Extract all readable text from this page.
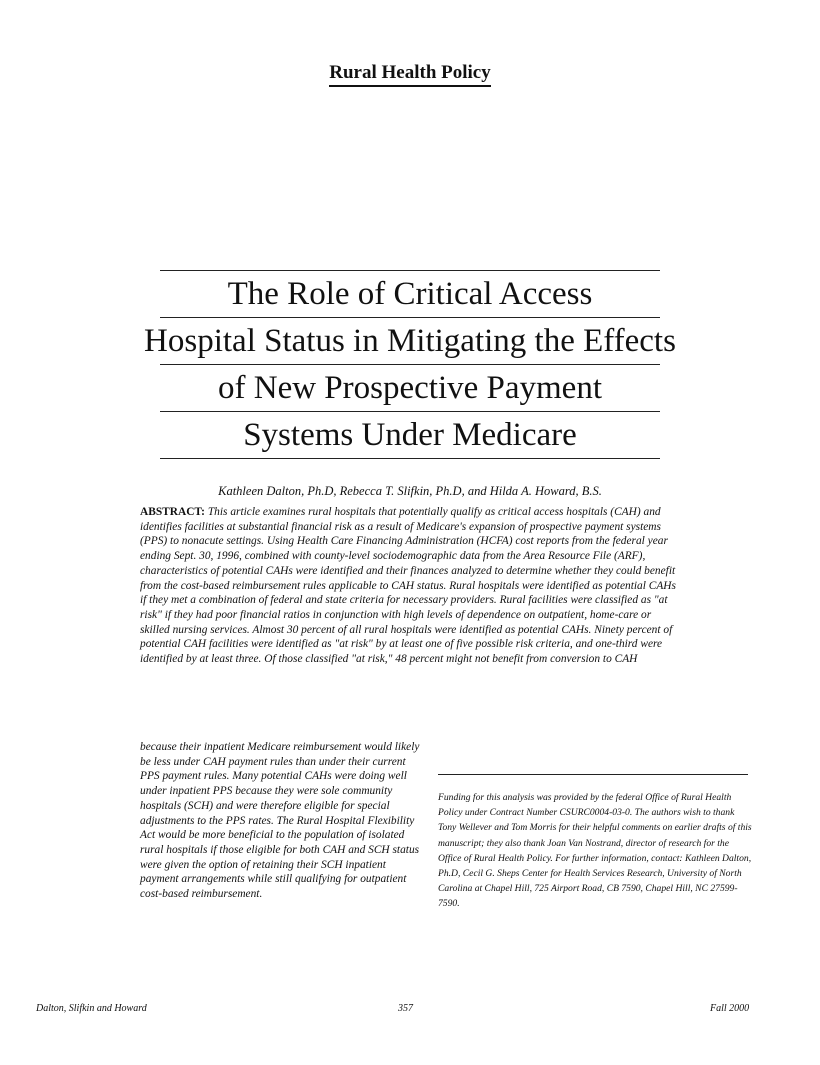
Rural Health Policy
The Role of Critical Access
Hospital Status in Mitigating the Effects
of New Prospective Payment
Systems Under Medicare
Kathleen Dalton, Ph.D, Rebecca T. Slifkin, Ph.D, and Hilda A. Howard, B.S.
ABSTRACT: This article examines rural hospitals that potentially qualify as critical access hospitals (CAH) and identifies facilities at substantial financial risk as a result of Medicare's expansion of prospective payment systems (PPS) to nonacute settings. Using Health Care Financing Administration (HCFA) cost reports from the federal year ending Sept. 30, 1996, combined with county-level sociodemographic data from the Area Resource File (ARF), characteristics of potential CAHs were identified and their finances analyzed to determine whether they could benefit from the cost-based reimbursement rules applicable to CAH status. Rural hospitals were identified as potential CAHs if they met a combination of federal and state criteria for necessary providers. Rural facilities were classified as "at risk" if they had poor financial ratios in conjunction with high levels of dependence on outpatient, home-care or skilled nursing services. Almost 30 percent of all rural hospitals were identified as potential CAHs. Ninety percent of potential CAH facilities were identified as "at risk" by at least one of five possible risk criteria, and one-third were identified by at least three. Of those classified "at risk," 48 percent might not benefit from conversion to CAH
because their inpatient Medicare reimbursement would likely be less under CAH payment rules than under their current PPS payment rules. Many potential CAHs were doing well under inpatient PPS because they were sole community hospitals (SCH) and were therefore eligible for special adjustments to the PPS rates. The Rural Hospital Flexibility Act would be more beneficial to the population of isolated rural hospitals if those eligible for both CAH and SCH status were given the option of retaining their SCH inpatient payment arrangements while still qualifying for outpatient cost-based reimbursement.
Funding for this analysis was provided by the federal Office of Rural Health Policy under Contract Number CSURC0004-03-0. The authors wish to thank Tony Wellever and Tom Morris for their helpful comments on earlier drafts of this manuscript; they also thank Joan Van Nostrand, director of research for the Office of Rural Health Policy. For further information, contact: Kathleen Dalton, Ph.D, Cecil G. Sheps Center for Health Services Research, University of North Carolina at Chapel Hill, 725 Airport Road, CB 7590, Chapel Hill, NC 27599-7590.
Dalton, Slifkin and Howard	357	Fall 2000
